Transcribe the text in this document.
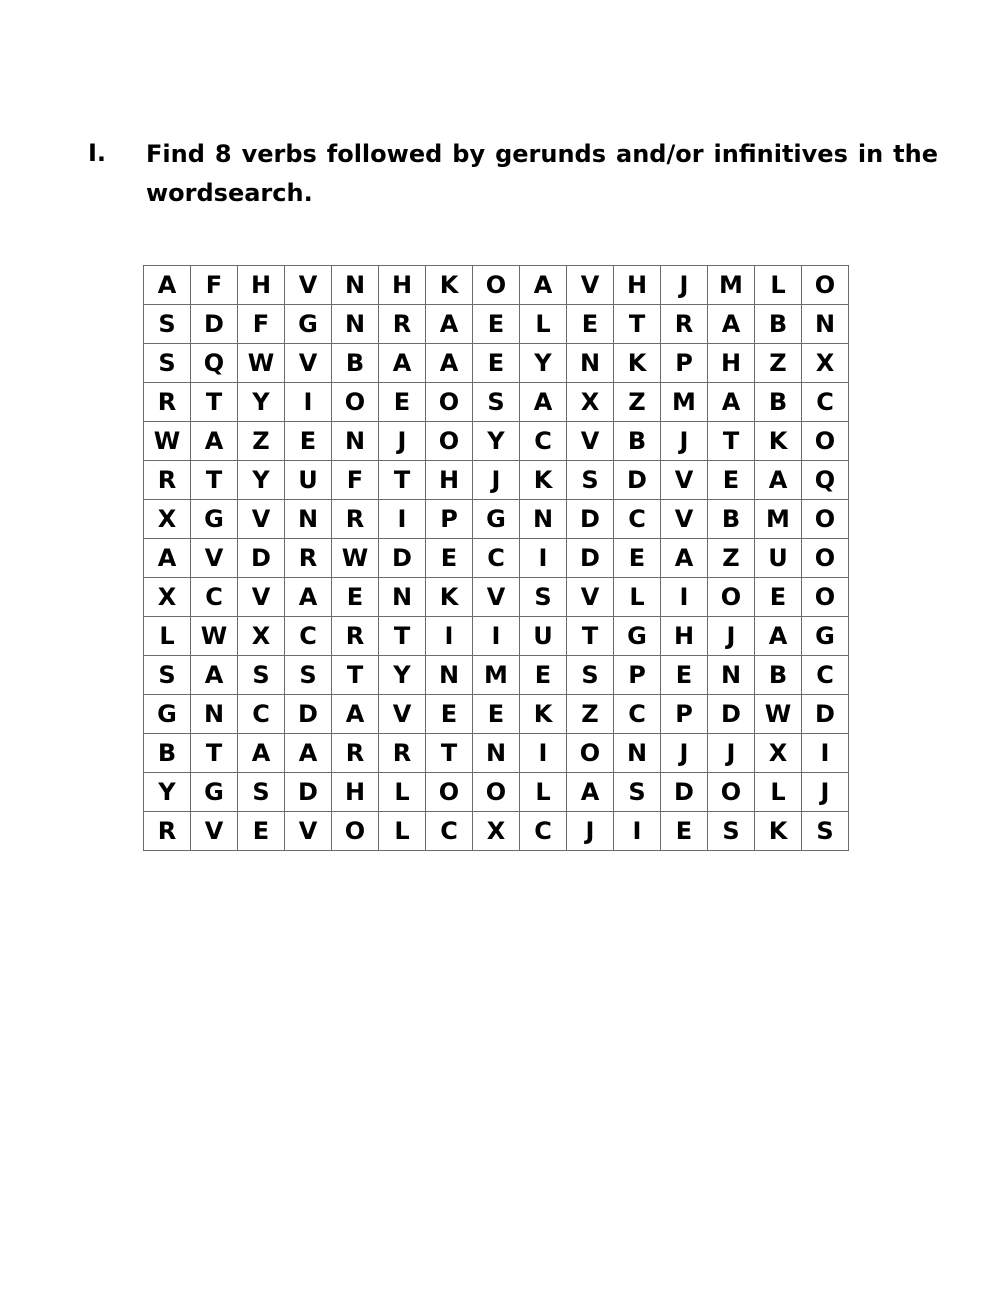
I. Find 8 verbs followed by gerunds and/or infinitives in the wordsearch.
A	F	H	V	N	H	K	O	A	V	H	J	M	L	O
S	D	F	G	N	R	A	E	L	E	T	R	A	B	N
S	Q	W	V	B	A	A	E	Y	N	K	P	H	Z	X
R	T	Y	I	O	E	O	S	A	X	Z	M	A	B	C
W	A	Z	E	N	J	O	Y	C	V	B	J	T	K	O
R	T	Y	U	F	T	H	J	K	S	D	V	E	A	Q
X	G	V	N	R	I	P	G	N	D	C	V	B	M	O
A	V	D	R	W	D	E	C	I	D	E	A	Z	U	O
X	C	V	A	E	N	K	V	S	V	L	I	O	E	O
L	W	X	C	R	T	I	I	U	T	G	H	J	A	G
S	A	S	S	T	Y	N	M	E	S	P	E	N	B	C
G	N	C	D	A	V	E	E	K	Z	C	P	D	W	D
B	T	A	A	R	R	T	N	I	O	N	J	J	X	I
Y	G	S	D	H	L	O	O	L	A	S	D	O	L	J
R	V	E	V	O	L	C	X	C	J	I	E	S	K	S
